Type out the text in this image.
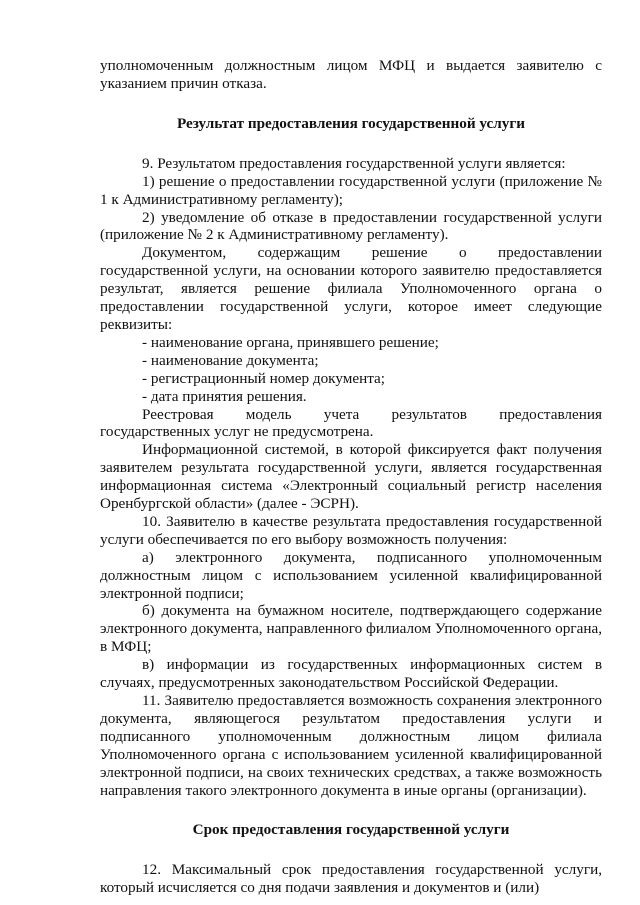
уполномоченным должностным лицом МФЦ и выдается заявителю с указанием причин отказа.

Результат предоставления государственной услуги

9. Результатом предоставления государственной услуги является:

1) решение о предоставлении государственной услуги (приложение № 1 к Административному регламенту);

2) уведомление об отказе в предоставлении государственной услуги (приложение № 2 к Административному регламенту).

Документом, содержащим решение о предоставлении государственной услуги, на основании которого заявителю предоставляется результат, является решение филиала Уполномоченного органа о предоставлении государственной услуги, которое имеет следующие реквизиты:

- наименование органа, принявшего решение;

- наименование документа;

- регистрационный номер документа;

- дата принятия решения.

Реестровая модель учета результатов предоставления государственных услуг не предусмотрена.

Информационной системой, в которой фиксируется факт получения заявителем результата государственной услуги, является государственная информационная система «Электронный социальный регистр населения Оренбургской области» (далее - ЭСРН).

10. Заявителю в качестве результата предоставления государственной услуги обеспечивается по его выбору возможность получения:

а) электронного документа, подписанного уполномоченным должностным лицом с использованием усиленной квалифицированной электронной подписи;

б) документа на бумажном носителе, подтверждающего содержание электронного документа, направленного филиалом Уполномоченного органа, в МФЦ;

в) информации из государственных информационных систем в случаях, предусмотренных законодательством Российской Федерации.

11. Заявителю предоставляется возможность сохранения электронного документа, являющегося результатом предоставления услуги и подписанного уполномоченным должностным лицом филиала Уполномоченного органа с использованием усиленной квалифицированной электронной подписи, на своих технических средствах, а также возможность направления такого электронного документа в иные органы (организации).

Срок предоставления государственной услуги

12. Максимальный срок предоставления государственной услуги, который исчисляется со дня подачи заявления и документов и (или)
